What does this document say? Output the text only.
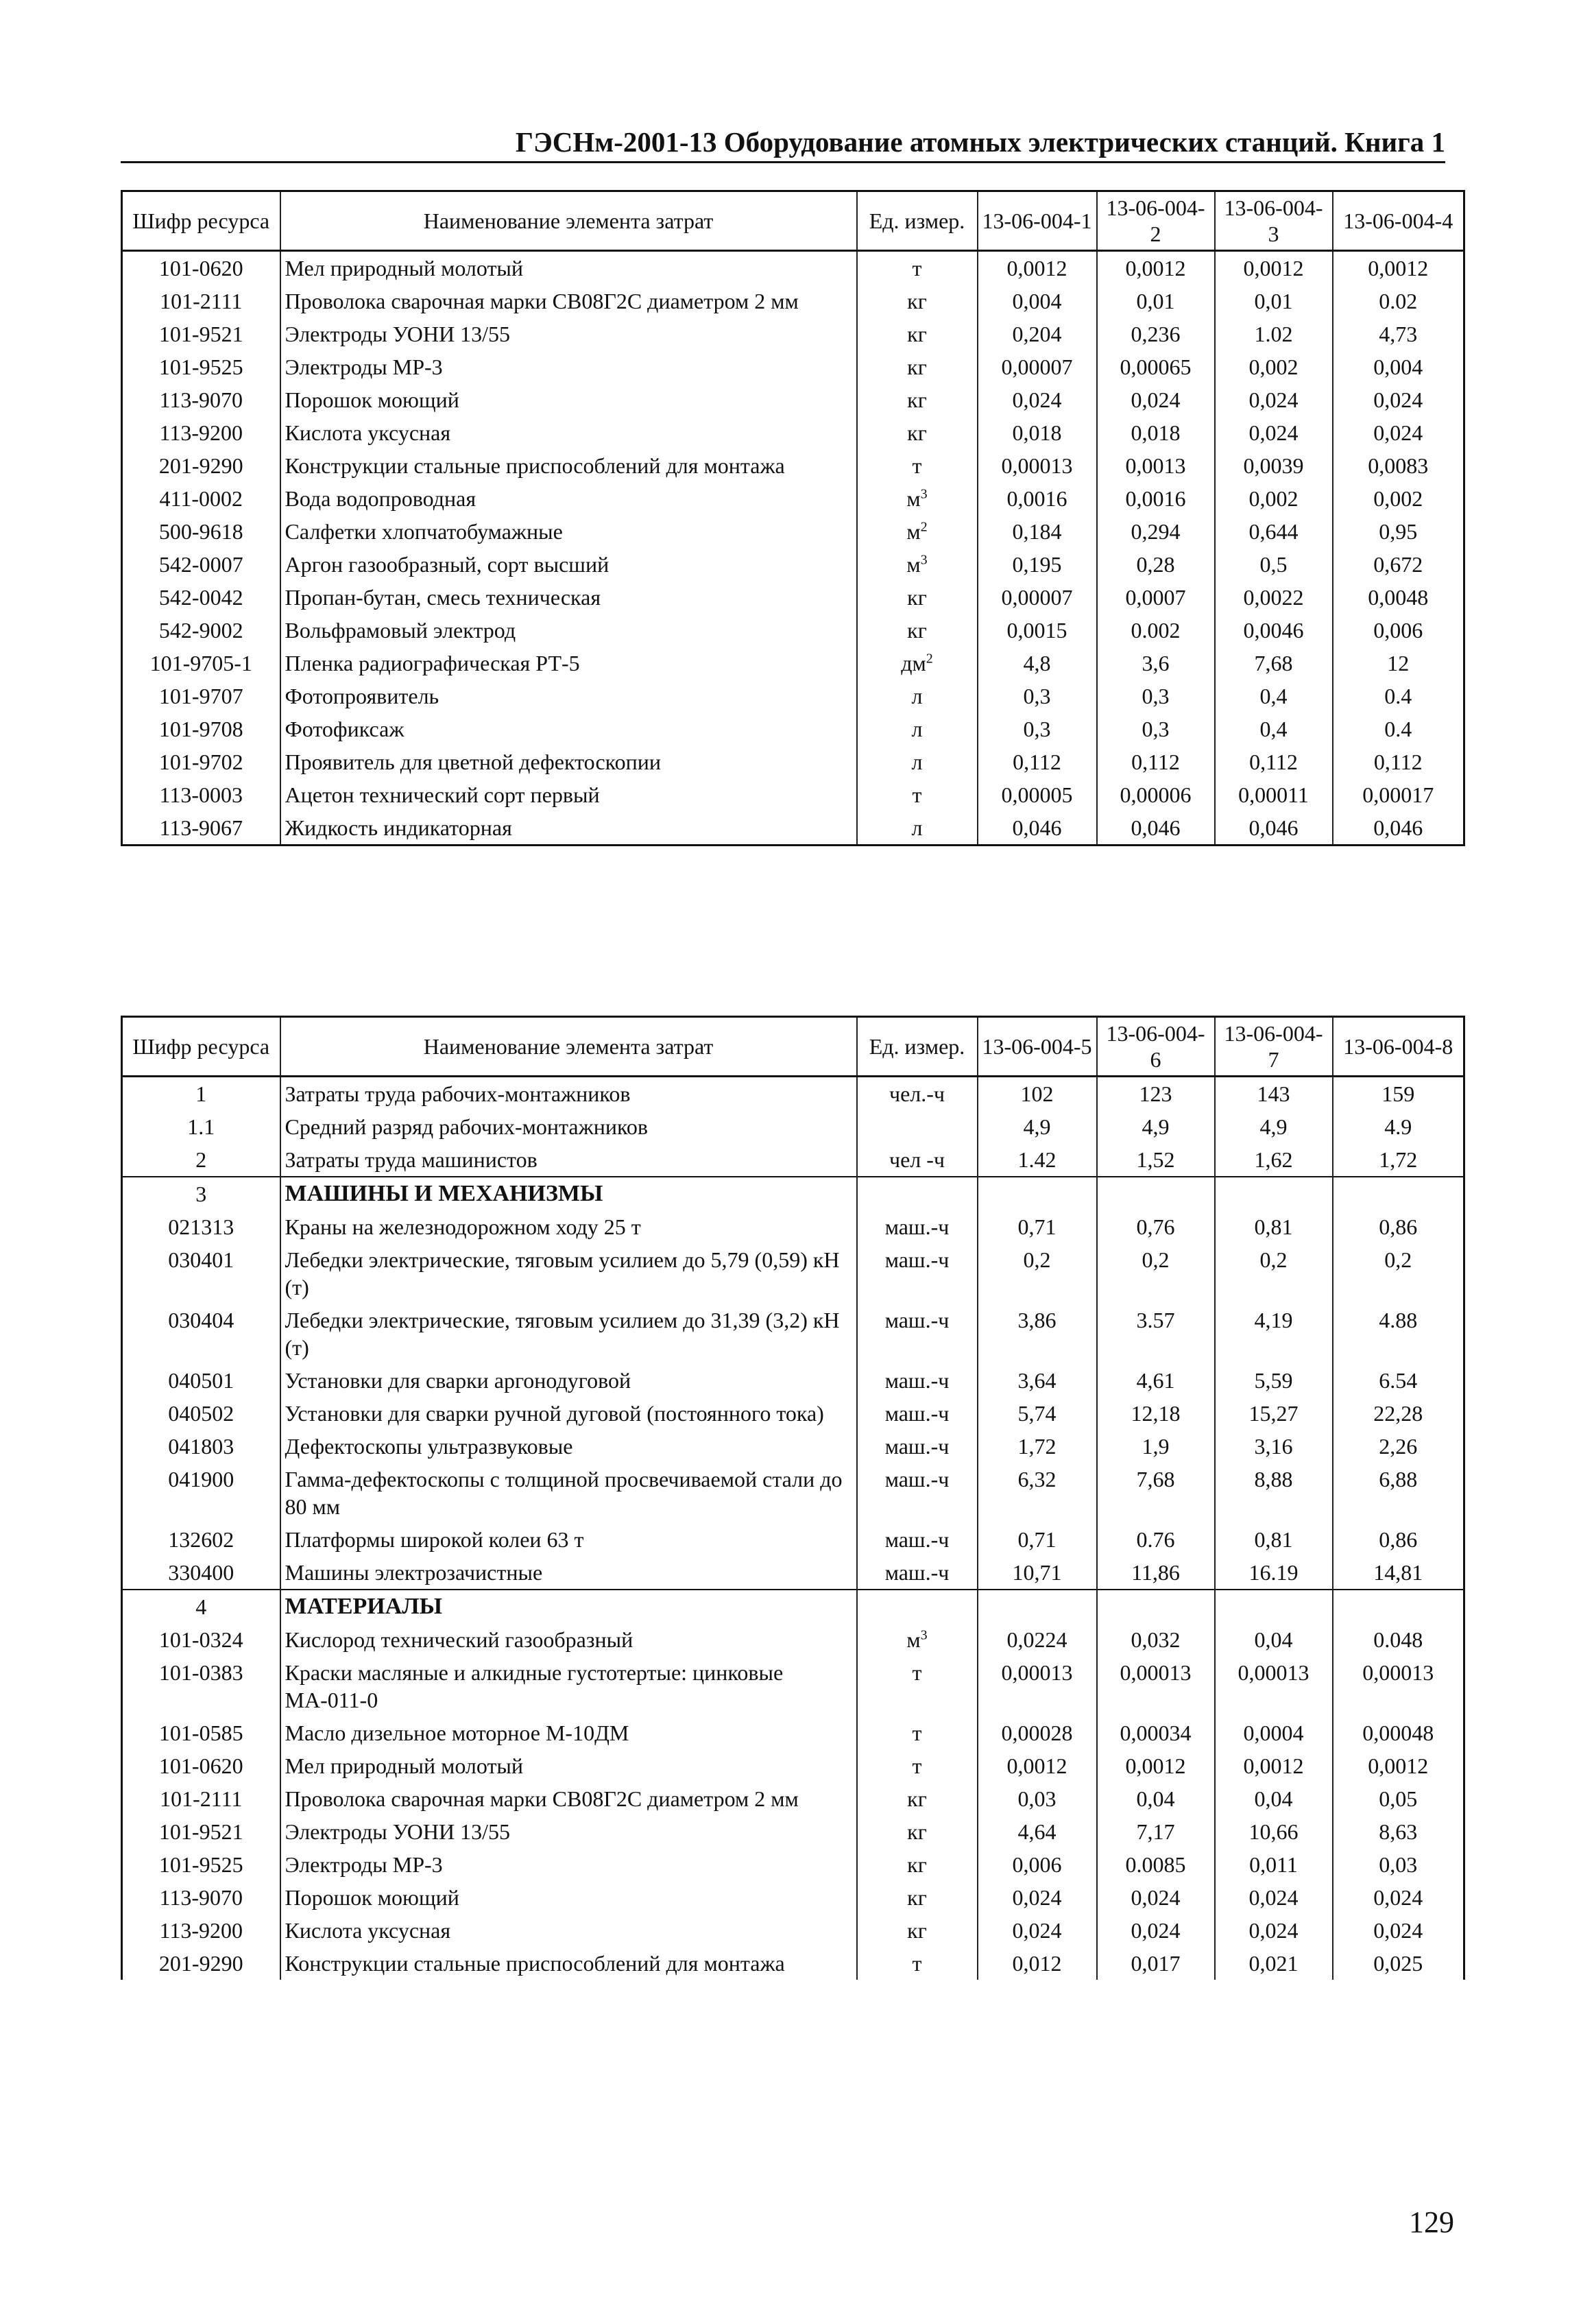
ГЭСНм-2001-13 Оборудование атомных электрических станций. Книга 1
Шифр ресурса	Наименование элемента затрат	Ед. измер.	13-06-004-1	13-06-004-2	13-06-004-3	13-06-004-4
101-0620	Мел природный молотый	т	0,0012	0,0012	0,0012	0,0012
101-2111	Проволока сварочная марки СВ08Г2С диаметром 2 мм	кг	0,004	0,01	0,01	0.02
101-9521	Электроды УОНИ 13/55	кг	0,204	0,236	1.02	4,73
101-9525	Электроды МР-3	кг	0,00007	0,00065	0,002	0,004
113-9070	Порошок моющий	кг	0,024	0,024	0,024	0,024
113-9200	Кислота уксусная	кг	0,018	0,018	0,024	0,024
201-9290	Конструкции стальные приспособлений для монтажа	т	0,00013	0,0013	0,0039	0,0083
411-0002	Вода водопроводная	$м^3$	0,0016	0,0016	0,002	0,002
500-9618	Салфетки хлопчатобумажные	$м^2$	0,184	0,294	0,644	0,95
542-0007	Аргон газообразный, сорт высший	$м^3$	0,195	0,28	0,5	0,672
542-0042	Пропан-бутан, смесь техническая	кг	0,00007	0,0007	0,0022	0,0048
542-9002	Вольфрамовый электрод	кг	0,0015	0.002	0,0046	0,006
101-9705-1	Пленка радиографическая РТ-5	$дм^2$	4,8	3,6	7,68	12
101-9707	Фотопроявитель	л	0,3	0,3	0,4	0.4
101-9708	Фотофиксаж	л	0,3	0,3	0,4	0.4
101-9702	Проявитель для цветной дефектоскопии	л	0,112	0,112	0,112	0,112
113-0003	Ацетон технический сорт первый	т	0,00005	0,00006	0,00011	0,00017
113-9067	Жидкость индикаторная	л	0,046	0,046	0,046	0,046
Шифр ресурса	Наименование элемента затрат	Ед. измер.	13-06-004-5	13-06-004-6	13-06-004-7	13-06-004-8
1	Затраты труда рабочих-монтажников	чел.-ч	102	123	143	159
1.1	Средний разряд рабочих-монтажников		4,9	4,9	4,9	4.9
2	Затраты труда машинистов	чел -ч	1.42	1,52	1,62	1,72
3	МАШИНЫ И МЕХАНИЗМЫ					
021313	Краны на железнодорожном ходу 25 т	маш.-ч	0,71	0,76	0,81	0,86
030401	Лебедки электрические, тяговым усилием до 5,79 (0,59) кН (т)	маш.-ч	0,2	0,2	0,2	0,2
030404	Лебедки электрические, тяговым усилием до 31,39 (3,2) кН (т)	маш.-ч	3,86	3.57	4,19	4.88
040501	Установки для сварки аргонодуговой	маш.-ч	3,64	4,61	5,59	6.54
040502	Установки для сварки ручной дуговой (постоянного тока)	маш.-ч	5,74	12,18	15,27	22,28
041803	Дефектоскопы ультразвуковые	маш.-ч	1,72	1,9	3,16	2,26
041900	Гамма-дефектоскопы с толщиной просвечиваемой стали до 80 мм	маш.-ч	6,32	7,68	8,88	6,88
132602	Платформы широкой колеи 63 т	маш.-ч	0,71	0.76	0,81	0,86
330400	Машины электрозачистные	маш.-ч	10,71	11,86	16.19	14,81
4	МАТЕРИАЛЫ					
101-0324	Кислород технический газообразный	$м^3$	0,0224	0,032	0,04	0.048
101-0383	Краски масляные и алкидные густотертые: цинковые МА-011-0	т	0,00013	0,00013	0,00013	0,00013
101-0585	Масло дизельное моторное М-10ДМ	т	0,00028	0,00034	0,0004	0,00048
101-0620	Мел природный молотый	т	0,0012	0,0012	0,0012	0,0012
101-2111	Проволока сварочная марки СВ08Г2С диаметром 2 мм	кг	0,03	0,04	0,04	0,05
101-9521	Электроды УОНИ 13/55	кг	4,64	7,17	10,66	8,63
101-9525	Электроды МР-3	кг	0,006	0.0085	0,011	0,03
113-9070	Порошок моющий	кг	0,024	0,024	0,024	0,024
113-9200	Кислота уксусная	кг	0,024	0,024	0,024	0,024
201-9290	Конструкции стальные приспособлений для монтажа	т	0,012	0,017	0,021	0,025
129
